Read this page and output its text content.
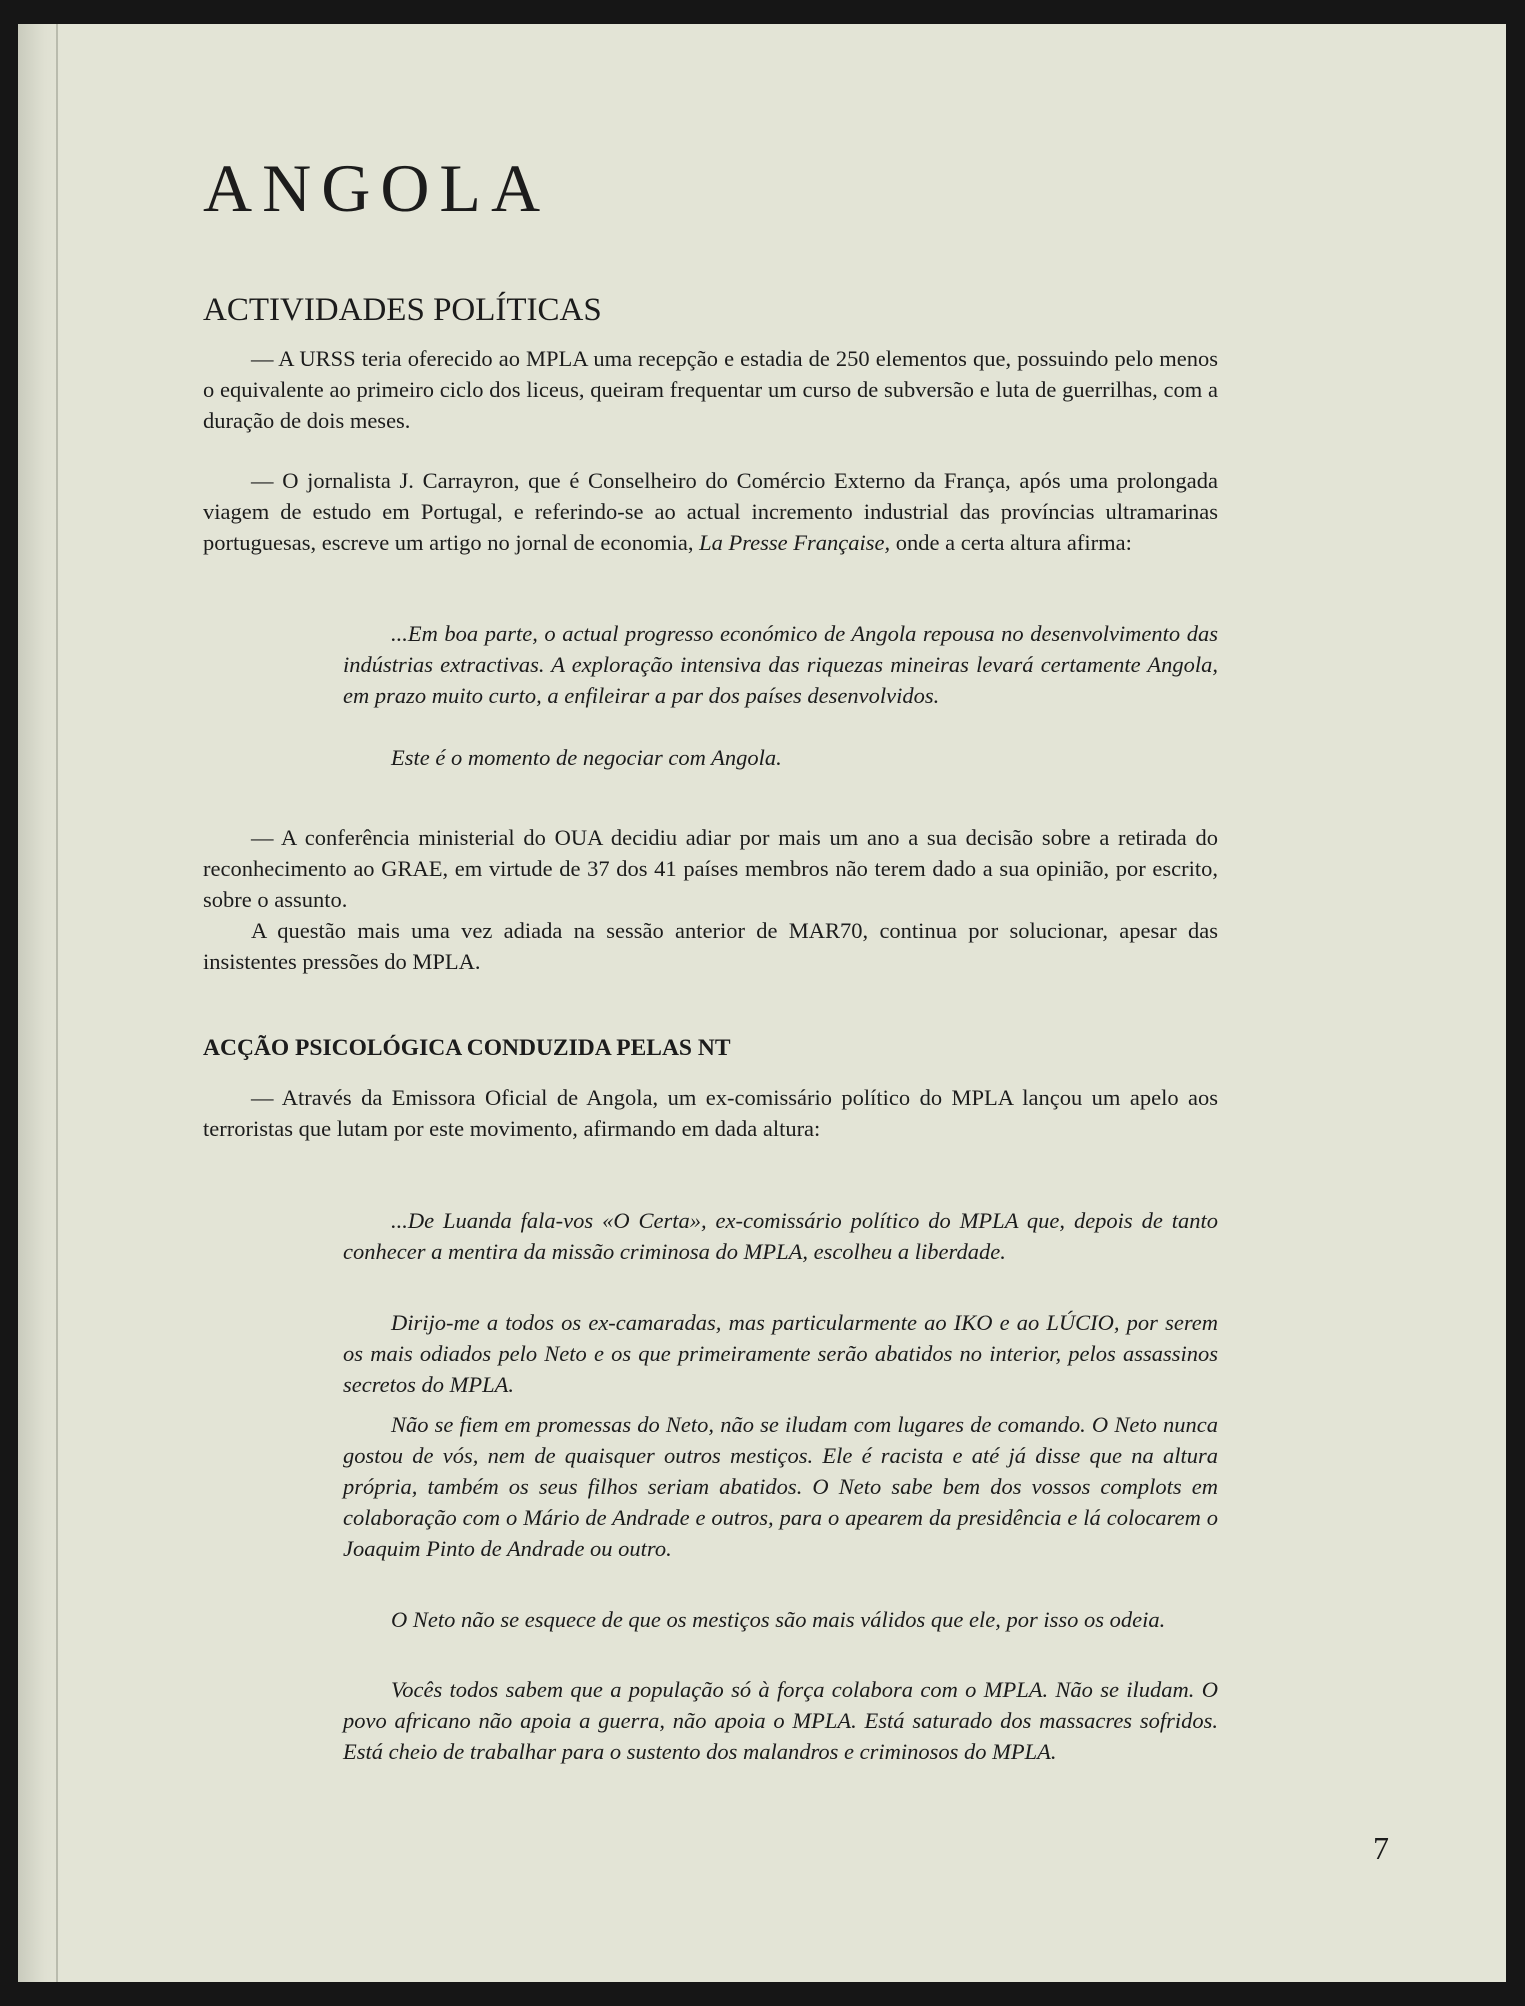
ANGOLA
ACTIVIDADES POLÍTICAS

— A URSS teria oferecido ao MPLA uma recepção e estadia de 250 elementos que, possuindo pelo menos o equivalente ao primeiro ciclo dos liceus, queiram frequentar um curso de subversão e luta de guerrilhas, com a duração de dois meses.

— O jornalista J. Carrayron, que é Conselheiro do Comércio Externo da França, após uma prolongada viagem de estudo em Portugal, e referindo-se ao actual incremento industrial das províncias ultramarinas portuguesas, escreve um artigo no jornal de economia, La Presse Française, onde a certa altura afirma:

...Em boa parte, o actual progresso económico de Angola repousa no desenvolvimento das indústrias extractivas. A exploração intensiva das riquezas mineiras levará certamente Angola, em prazo muito curto, a enfileirar a par dos países desenvolvidos.

Este é o momento de negociar com Angola.

— A conferência ministerial do OUA decidiu adiar por mais um ano a sua decisão sobre a retirada do reconhecimento ao GRAE, em virtude de 37 dos 41 países membros não terem dado a sua opinião, por escrito, sobre o assunto.

A questão mais uma vez adiada na sessão anterior de MAR70, continua por solucionar, apesar das insistentes pressões do MPLA.

ACÇÃO PSICOLÓGICA CONDUZIDA PELAS NT

— Através da Emissora Oficial de Angola, um ex-comissário político do MPLA lançou um apelo aos terroristas que lutam por este movimento, afirmando em dada altura:

...De Luanda fala-vos «O Certa», ex-comissário político do MPLA que, depois de tanto conhecer a mentira da missão criminosa do MPLA, escolheu a liberdade.

Dirijo-me a todos os ex-camaradas, mas particularmente ao IKO e ao LÚCIO, por serem os mais odiados pelo Neto e os que primeiramente serão abatidos no interior, pelos assassinos secretos do MPLA.

Não se fiem em promessas do Neto, não se iludam com lugares de comando. O Neto nunca gostou de vós, nem de quaisquer outros mestiços. Ele é racista e até já disse que na altura própria, também os seus filhos seriam abatidos. O Neto sabe bem dos vossos complots em colaboração com o Mário de Andrade e outros, para o apearem da presidência e lá colocarem o Joaquim Pinto de Andrade ou outro.

O Neto não se esquece de que os mestiços são mais válidos que ele, por isso os odeia.

Vocês todos sabem que a população só à força colabora com o MPLA. Não se iludam. O povo africano não apoia a guerra, não apoia o MPLA. Está saturado dos massacres sofridos. Está cheio de trabalhar para o sustento dos malandros e criminosos do MPLA.

7
